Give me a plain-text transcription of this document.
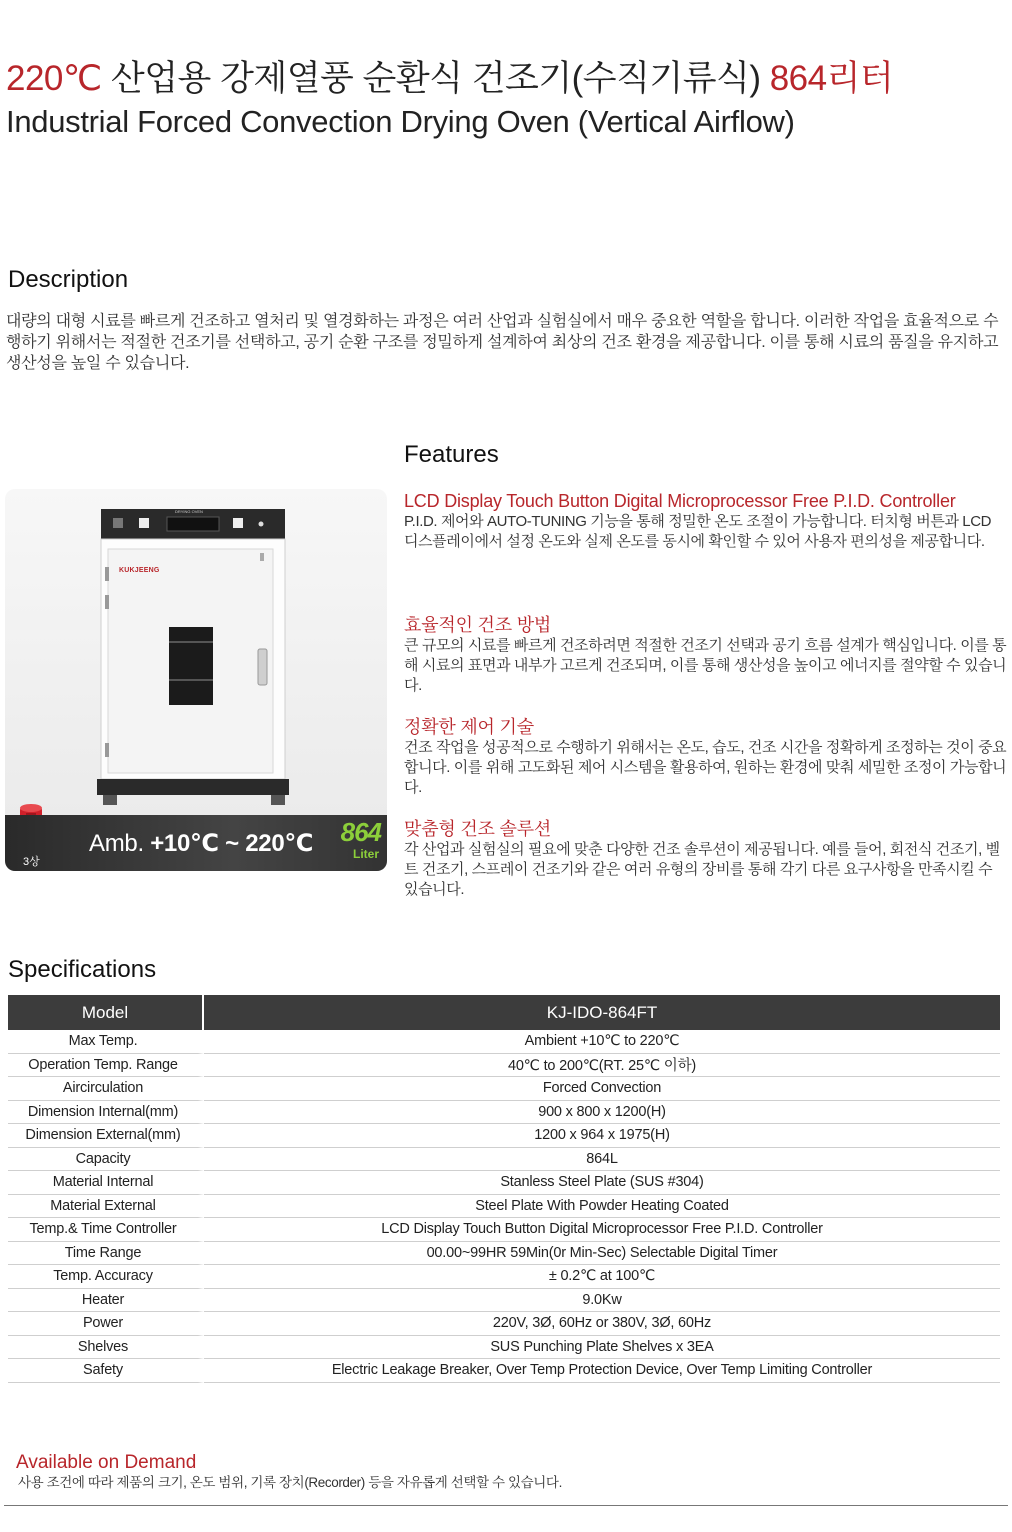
220℃ 산업용 강제열풍 순환식 건조기(수직기류식) 864리터
Industrial Forced Convection Drying Oven (Vertical Airflow)
Description
대량의 대형 시료를 빠르게 건조하고 열처리 및 열경화하는 과정은 여러 산업과 실험실에서 매우 중요한 역할을 합니다. 이러한 작업을 효율적으로 수행하기 위해서는 적절한 건조기를 선택하고, 공기 순환 구조를 정밀하게 설계하여 최상의 건조 환경을 제공합니다. 이를 통해 시료의 품질을 유지하고 생산성을 높일 수 있습니다.
KUKJEENG
DRYING OVEN
3상
Amb. +10℃ ~ 220℃ 864
Liter
Features
LCD Display Touch Button Digital Microprocessor Free P.I.D. Controller
P.I.D. 제어와 AUTO-TUNING 기능을 통해 정밀한 온도 조절이 가능합니다. 터치형 버튼과 LCD 디스플레이에서 설정 온도와 실제 온도를 동시에 확인할 수 있어 사용자 편의성을 제공합니다.
효율적인 건조 방법
큰 규모의 시료를 빠르게 건조하려면 적절한 건조기 선택과 공기 흐름 설계가 핵심입니다. 이를 통해 시료의 표면과 내부가 고르게 건조되며, 이를 통해 생산성을 높이고 에너지를 절약할 수 있습니다.
정확한 제어 기술
건조 작업을 성공적으로 수행하기 위해서는 온도, 습도, 건조 시간을 정확하게 조정하는 것이 중요합니다. 이를 위해 고도화된 제어 시스템을 활용하여, 원하는 환경에 맞춰 세밀한 조정이 가능합니다.
맞춤형 건조 솔루션
각 산업과 실험실의 필요에 맞춘 다양한 건조 솔루션이 제공됩니다. 예를 들어, 회전식 건조기, 벨트 건조기, 스프레이 건조기와 같은 여러 유형의 장비를 통해 각기 다른 요구사항을 만족시킬 수 있습니다.
Specifications
Model	KJ-IDO-864FT
Max Temp.	Ambient +10℃ to 220℃
Operation Temp. Range	40℃ to 200℃(RT. 25℃ 이하)
Aircirculation	Forced Convection
Dimension Internal(mm)	900 x 800 x 1200(H)
Dimension External(mm)	1200 x 964 x 1975(H)
Capacity	864L
Material Internal	Stanless Steel Plate (SUS #304)
Material External	Steel Plate With Powder Heating Coated
Temp.& Time Controller	LCD Display Touch Button Digital Microprocessor Free P.I.D. Controller
Time Range	00.00~99HR 59Min(0r Min-Sec) Selectable Digital Timer
Temp. Accuracy	± 0.2℃ at 100℃
Heater	9.0Kw
Power	220V, 3Ø, 60Hz or 380V, 3Ø, 60Hz
Shelves	SUS Punching Plate Shelves x 3EA
Safety	Electric Leakage Breaker, Over Temp Protection Device, Over Temp Limiting Controller
Available on Demand
사용 조건에 따라 제품의 크기, 온도 범위, 기록 장치(Recorder) 등을 자유롭게 선택할 수 있습니다.
